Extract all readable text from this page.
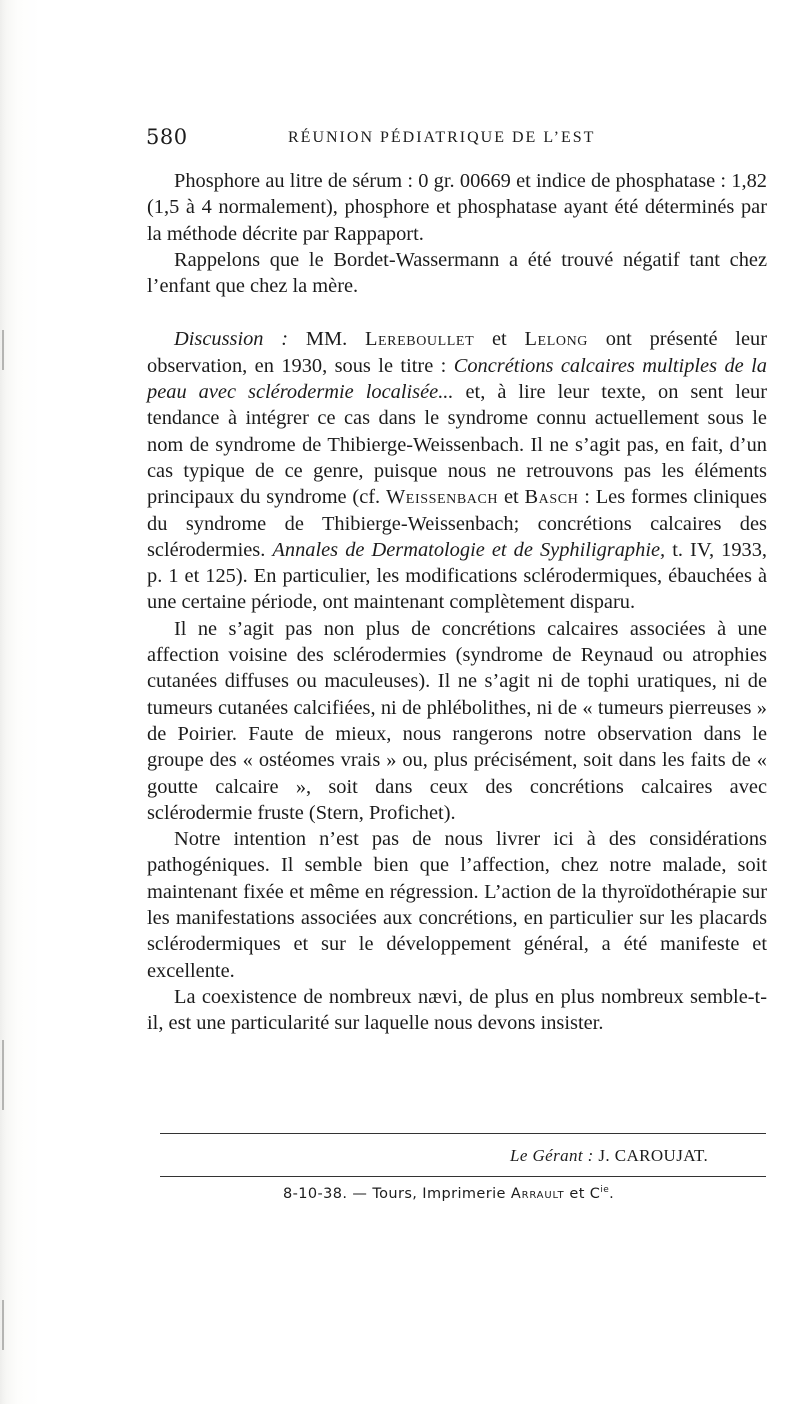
580	RÉUNION PÉDIATRIQUE DE L’EST

Phosphore au litre de sérum : 0 gr. 00669 et indice de phosphatase : 1,82 (1,5 à 4 normalement), phosphore et phosphatase ayant été déterminés par la méthode décrite par Rappaport.

Rappelons que le Bordet-Wassermann a été trouvé négatif tant chez l’enfant que chez la mère.

Discussion : MM. Lereboullet et Lelong ont présenté leur observation, en 1930, sous le titre : Concrétions calcaires multiples de la peau avec sclérodermie localisée... et, à lire leur texte, on sent leur tendance à intégrer ce cas dans le syndrome connu actuellement sous le nom de syndrome de Thibierge-Weissenbach. Il ne s’agit pas, en fait, d’un cas typique de ce genre, puisque nous ne retrouvons pas les éléments principaux du syndrome (cf. Weissenbach et Basch : Les formes cliniques du syndrome de Thibierge-Weissenbach; concrétions calcaires des sclérodermies. Annales de Dermatologie et de Syphiligraphie, t. IV, 1933, p. 1 et 125). En particulier, les modifications sclérodermiques, ébauchées à une certaine période, ont maintenant complètement disparu.

Il ne s’agit pas non plus de concrétions calcaires associées à une affection voisine des sclérodermies (syndrome de Reynaud ou atrophies cutanées diffuses ou maculeuses). Il ne s’agit ni de tophi uratiques, ni de tumeurs cutanées calcifiées, ni de phlébolithes, ni de « tumeurs pierreuses » de Poirier. Faute de mieux, nous rangerons notre observation dans le groupe des « ostéomes vrais » ou, plus précisément, soit dans les faits de « goutte calcaire », soit dans ceux des concrétions calcaires avec sclérodermie fruste (Stern, Profichet).

Notre intention n’est pas de nous livrer ici à des considérations pathogéniques. Il semble bien que l’affection, chez notre malade, soit maintenant fixée et même en régression. L’action de la thyroïdothérapie sur les manifestations associées aux concrétions, en particulier sur les placards sclérodermiques et sur le développement général, a été manifeste et excellente.

La coexistence de nombreux nævi, de plus en plus nombreux semble-t-il, est une particularité sur laquelle nous devons insister.

Le Gérant : J. CAROUJAT.
8-10-38. — Tours, Imprimerie Arrault et $C^{ie}$.
